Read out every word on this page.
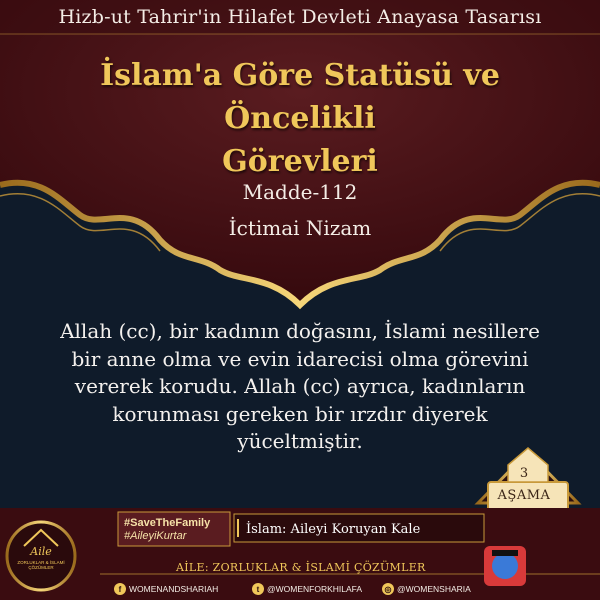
Hizb-ut Tahrir'in Hilafet Devleti Anayasa Tasarısı
İslam'a Göre Statüsü ve Öncelikli
Görevleri
Madde-112
İctimai Nizam
Allah (cc), bir kadının doğasını, İslami nesillere bir anne olma ve evin idarecisi olma görevini vererek korudu. Allah (cc) ayrıca, kadınların korunması gereken bir ırzdır diyerek yüceltmiştir.
3
AŞAMA
#SaveTheFamily
#AileyiKurtar	İslam: Aileyi Koruyan Kale
Aile
ZORLUKLAR & İSLAMİ ÇÖZÜMLER	AİLE: ZORLUKLAR & İSLAMİ ÇÖZÜMLER
f WOMENANDSHARIAH	t @WOMENFORKHILAFA	◎ @WOMENSHARIA
